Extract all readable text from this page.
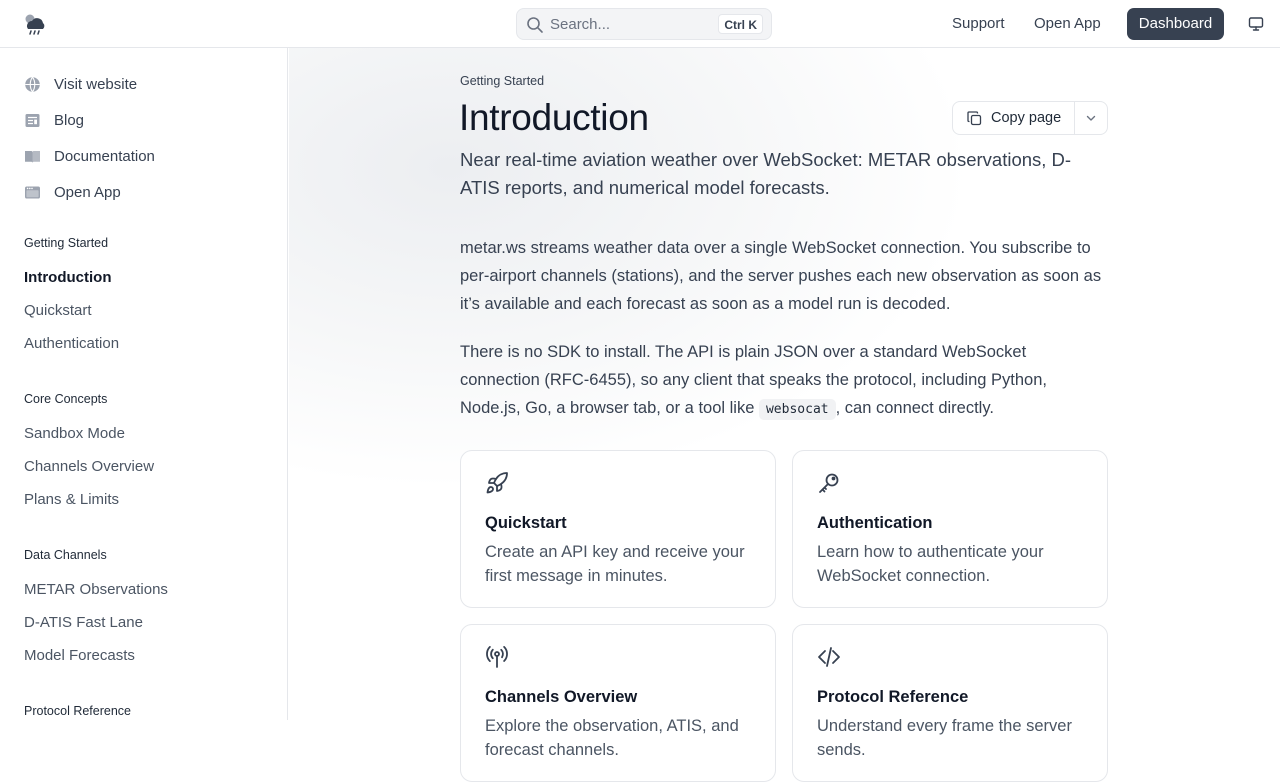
Search...	Ctrl K	Support Open App	Dashboard
Visit website
Blog
Documentation
Open App
Getting Started
Introduction
Quickstart
Authentication
Core Concepts
Sandbox Mode
Channels Overview
Plans & Limits
Data Channels
METAR Observations
D-ATIS Fast Lane
Model Forecasts
Protocol Reference
Getting Started
Introduction	Copy page

Near real-time aviation weather over WebSocket: METAR observations, D-ATIS reports, and numerical model forecasts.

metar.ws streams weather data over a single WebSocket connection. You subscribe to per-airport channels (stations), and the server pushes each new observation as soon as it’s available and each forecast as soon as a model run is decoded.

There is no SDK to install. The API is plain JSON over a standard WebSocket connection (RFC-6455), so any client that speaks the protocol, including Python, Node.js, Go, a browser tab, or a tool like websocat , can connect directly.

Quickstart
Create an API key and receive your first message in minutes.
Authentication
Learn how to authenticate your WebSocket connection.
Channels Overview
Explore the observation, ATIS, and forecast channels.
Protocol Reference
Understand every frame the server sends.
